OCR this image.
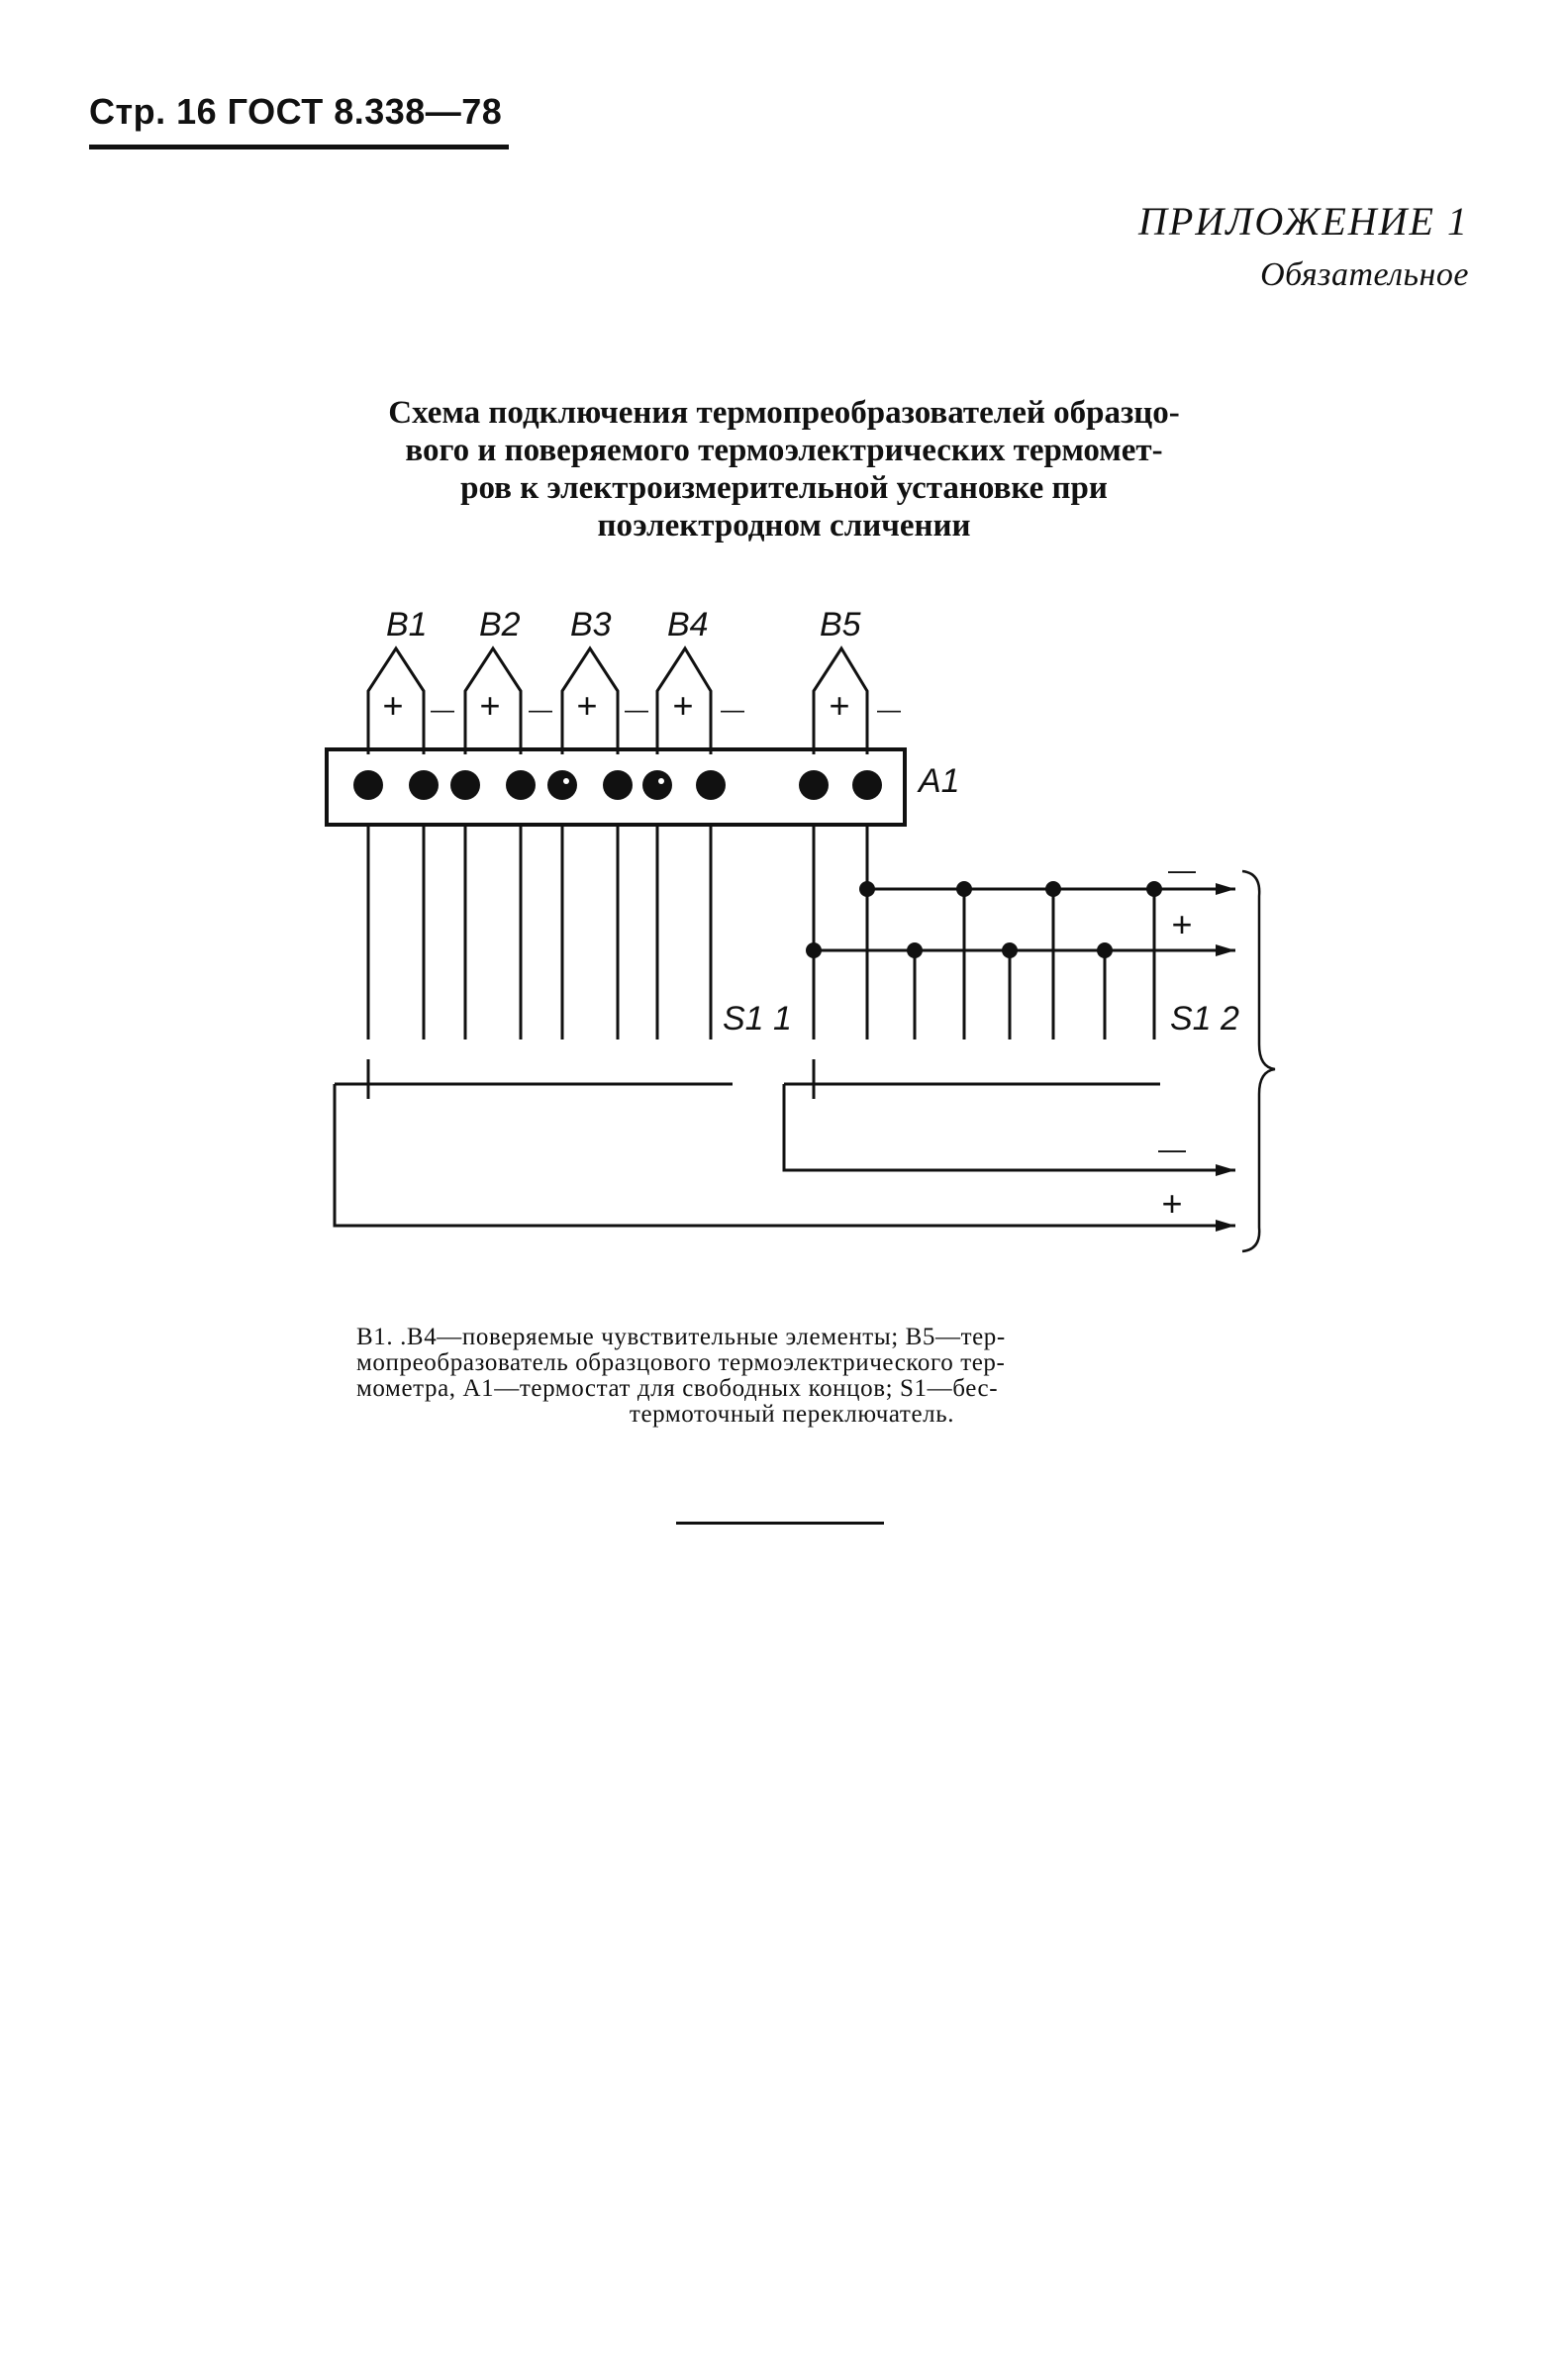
Стр. 16 ГОСТ 8.338—78
ПРИЛОЖЕНИЕ 1
Обязательное
Схема подключения термопреобразователей образцо-
вого и поверяемого термоэлектрических термомет-
ров к электроизмерительной установке при
поэлектродном сличении
B1 B2 B3 B4	B5
A1
S1 1	S1 2
+ — + — + — + — + —
—
+
—
+
B1. .B4—поверяемые чувствительные элементы; B5—тер-
мопреобразователь образцового термоэлектрического тер-
мометра, A1—термостат для свободных концов; S1—бес-
термоточный переключатель.
